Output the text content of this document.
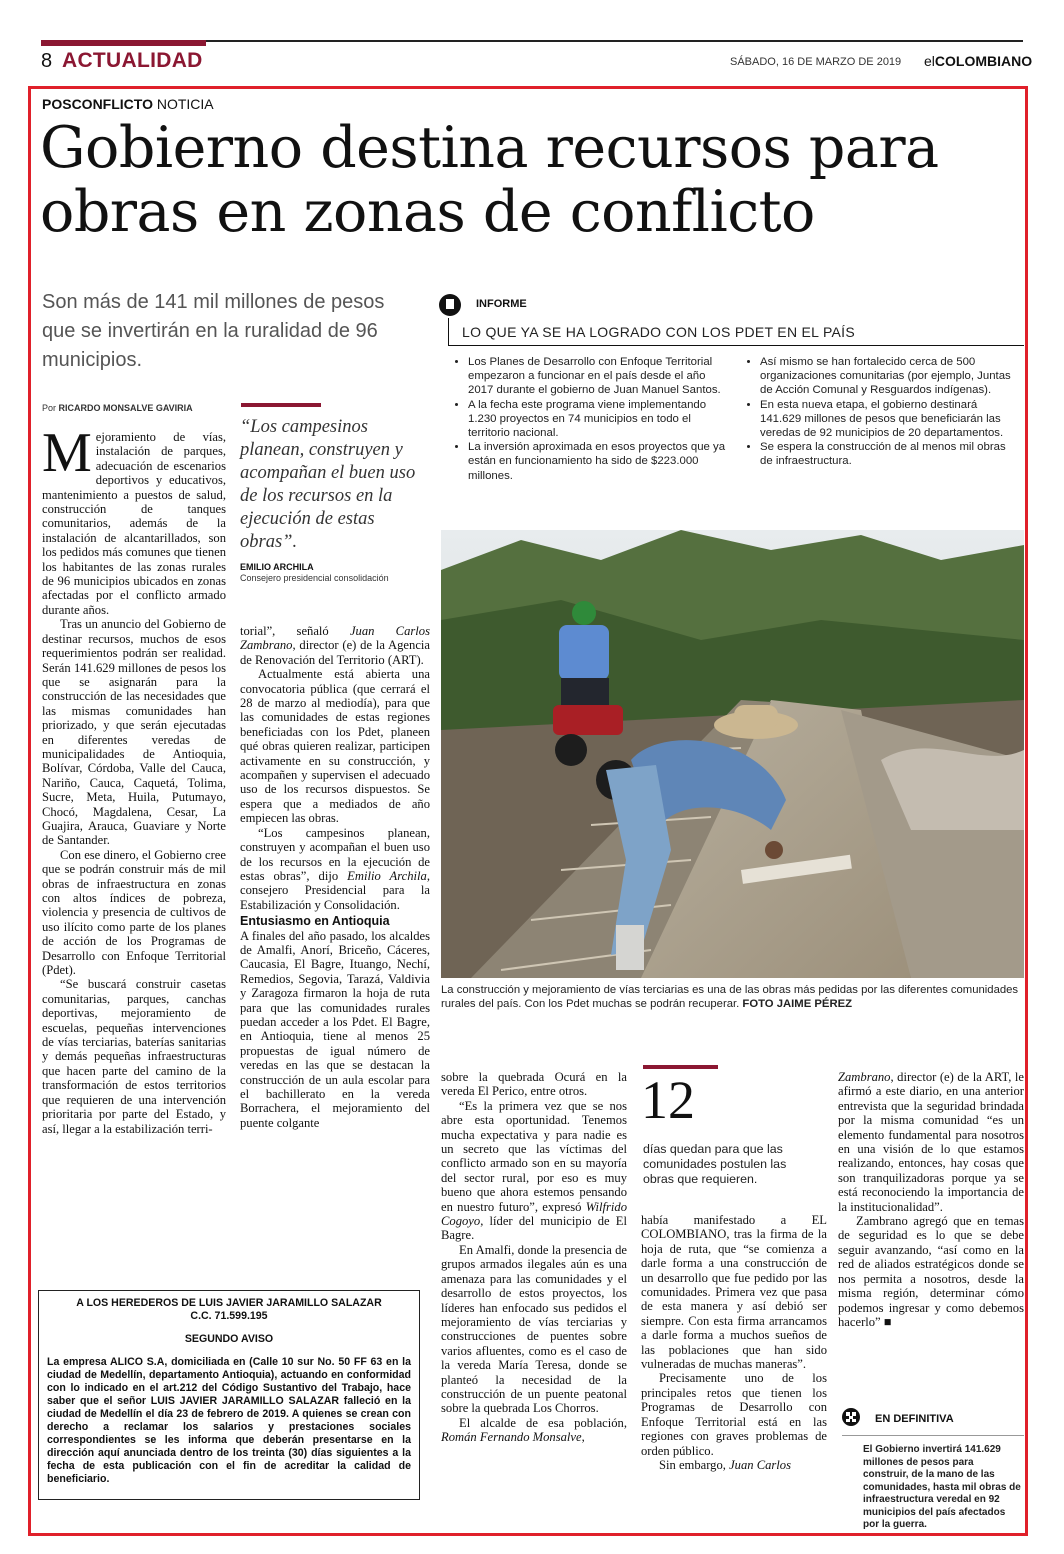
8 ACTUALIDAD	SÁBADO, 16 DE MARZO DE 2019 elCOLOMBIANO
POSCONFLICTO NOTICIA
Gobierno destina recursos para obras en zonas de conflicto
Son más de 141 mil millones de pesos que se invertirán en la ruralidad de 96 municipios.
INFORME
LO QUE YA SE HA LOGRADO CON LOS PDET EN EL PAÍS
• Los Planes de Desarrollo con Enfoque Territorial empezaron a funcionar en el país desde el año 2017 durante el gobierno de Juan Manuel Santos.
• A la fecha este programa viene implementando 1.230 proyectos en 74 municipios en todo el territorio nacional.
• La inversión aproximada en esos proyectos que ya están en funcionamiento ha sido de $223.000 millones.
• Así mismo se han fortalecido cerca de 500 organizaciones comunitarias (por ejemplo, Juntas de Acción Comunal y Resguardos indígenas).
• En esta nueva etapa, el gobierno destinará 141.629 millones de pesos que beneficiarán las veredas de 92 municipios de 20 departamentos.
• Se espera la construcción de al menos mil obras de infraestructura.
Por RICARDO MONSALVE GAVIRIA

Mejoramiento de vías, instalación de parques, adecuación de escenarios deportivos y educativos, mantenimiento a puestos de salud, construcción de tanques comunitarios, además de la instalación de alcantarillados, son los pedidos más comunes que tienen los habitantes de las zonas rurales de 96 municipios ubicados en zonas afectadas por el conflicto armado durante años.

Tras un anuncio del Gobierno de destinar recursos, muchos de esos requerimientos podrán ser realidad. Serán 141.629 millones de pesos los que se asignarán para la construcción de las necesidades que las mismas comunidades han priorizado, y que serán ejecutadas en diferentes veredas de municipalidades de Antioquia, Bolívar, Córdoba, Valle del Cauca, Nariño, Cauca, Caquetá, Tolima, Sucre, Meta, Huila, Putumayo, Chocó, Magdalena, Cesar, La Guajira, Arauca, Guaviare y Norte de Santander.

Con ese dinero, el Gobierno cree que se podrán construir más de mil obras de infraestructura en zonas con altos índices de pobreza, violencia y presencia de cultivos de uso ilícito como parte de los planes de acción de los Programas de Desarrollo con Enfoque Territorial (Pdet).

“Se buscará construir casetas comunitarias, parques, canchas deportivas, mejoramiento de escuelas, pequeñas intervenciones de vías terciarias, baterías sanitarias y demás pequeñas infraestructuras que hacen parte del camino de la transformación de estos territorios que requieren de una intervención prioritaria por parte del Estado, y así, llegar a la estabilización terri-

“Los campesinos planean, construyen y acompañan el buen uso de los recursos en la ejecución de estas obras”.
EMILIO ARCHILA
Consejero presidencial consolidación

torial”, señaló Juan Carlos Zambrano, director (e) de la Agencia de Renovación del Territorio (ART).

Actualmente está abierta una convocatoria pública (que cerrará el 28 de marzo al mediodía), para que las comunidades de estas regiones beneficiadas con los Pdet, planeen qué obras quieren realizar, participen activamente en su construcción, y acompañen y supervisen el adecuado uso de los recursos dispuestos. Se espera que a mediados de año empiecen las obras.

“Los campesinos planean, construyen y acompañan el buen uso de los recursos en la ejecución de estas obras”, dijo Emilio Archila, consejero Presidencial para la Estabilización y Consolidación.

Entusiasmo en Antioquia

A finales del año pasado, los alcaldes de Amalfi, Anorí, Briceño, Cáceres, Caucasia, El Bagre, Ituango, Nechí, Remedios, Segovia, Tarazá, Valdivia y Zaragoza firmaron la hoja de ruta para que las comunidades rurales puedan acceder a los Pdet. El Bagre, en Antioquia, tiene al menos 25 propuestas de igual número de veredas en las que se destacan la construcción de un aula escolar para el bachillerato en la vereda Borrachera, el mejoramiento del puente colgante

La construcción y mejoramiento de vías terciarias es una de las obras más pedidas por las diferentes comunidades rurales del país. Con los Pdet muchas se podrán recuperar. FOTO JAIME PÉREZ

sobre la quebrada Ocurá en la vereda El Perico, entre otros.

“Es la primera vez que se nos abre esta oportunidad. Tenemos mucha expectativa y para nadie es un secreto que las víctimas del conflicto armado son en su mayoría del sector rural, por eso es muy bueno que ahora estemos pensando en nuestro futuro”, expresó Wilfrido Cogoyo, líder del municipio de El Bagre.

En Amalfi, donde la presencia de grupos armados ilegales aún es una amenaza para las comunidades y el desarrollo de estos proyectos, los líderes han enfocado sus pedidos el mejoramiento de vías terciarias y construcciones de puentes sobre varios afluentes, como es el caso de la vereda María Teresa, donde se planteó la necesidad de la construcción de un puente peatonal sobre la quebrada Los Chorros.

El alcalde de esa población, Román Fernando Monsalve,

12
días quedan para que las comunidades postulen las obras que requieren.

había manifestado a EL COLOMBIANO, tras la firma de la hoja de ruta, que “se comienza a darle forma a una construcción de un desarrollo que fue pedido por las comunidades. Primera vez que pasa de esta manera y así debió ser siempre. Con esta firma arrancamos a darle forma a muchos sueños de las poblaciones que han sido vulneradas de muchas maneras”.

Precisamente uno de los principales retos que tienen los Programas de Desarrollo con Enfoque Territorial está en las regiones con graves problemas de orden público.

Sin embargo, Juan Carlos

Zambrano, director (e) de la ART, le afirmó a este diario, en una anterior entrevista que la seguridad brindada por la misma comunidad “es un elemento fundamental para nosotros en una visión de lo que estamos realizando, entonces, hay cosas que son tranquilizadoras porque ya se está reconociendo la importancia de la institucionalidad”.

Zambrano agregó que en temas de seguridad es lo que se debe seguir avanzando, “así como en la red de aliados estratégicos donde se nos permita a nosotros, desde la misma región, determinar cómo podemos ingresar y como debemos hacerlo” ■

EN DEFINITIVA
El Gobierno invertirá 141.629 millones de pesos para construir, de la mano de las comunidades, hasta mil obras de infraestructura veredal en 92 municipios del país afectados por la guerra.
A LOS HEREDEROS DE LUIS JAVIER JARAMILLO SALAZAR
C.C. 71.599.195
SEGUNDO AVISO
La empresa ALICO S.A, domiciliada en (Calle 10 sur No. 50 FF 63 en la ciudad de Medellín, departamento Antioquia), actuando en conformidad con lo indicado en el art.212 del Código Sustantivo del Trabajo, hace saber que el señor LUIS JAVIER JARAMILLO SALAZAR falleció en la ciudad de Medellín el día 23 de febrero de 2019. A quienes se crean con derecho a reclamar los salarios y prestaciones sociales correspondientes se les informa que deberán presentarse en la dirección aquí anunciada dentro de los treinta (30) días siguientes a la fecha de esta publicación con el fin de acreditar la calidad de beneficiario.
